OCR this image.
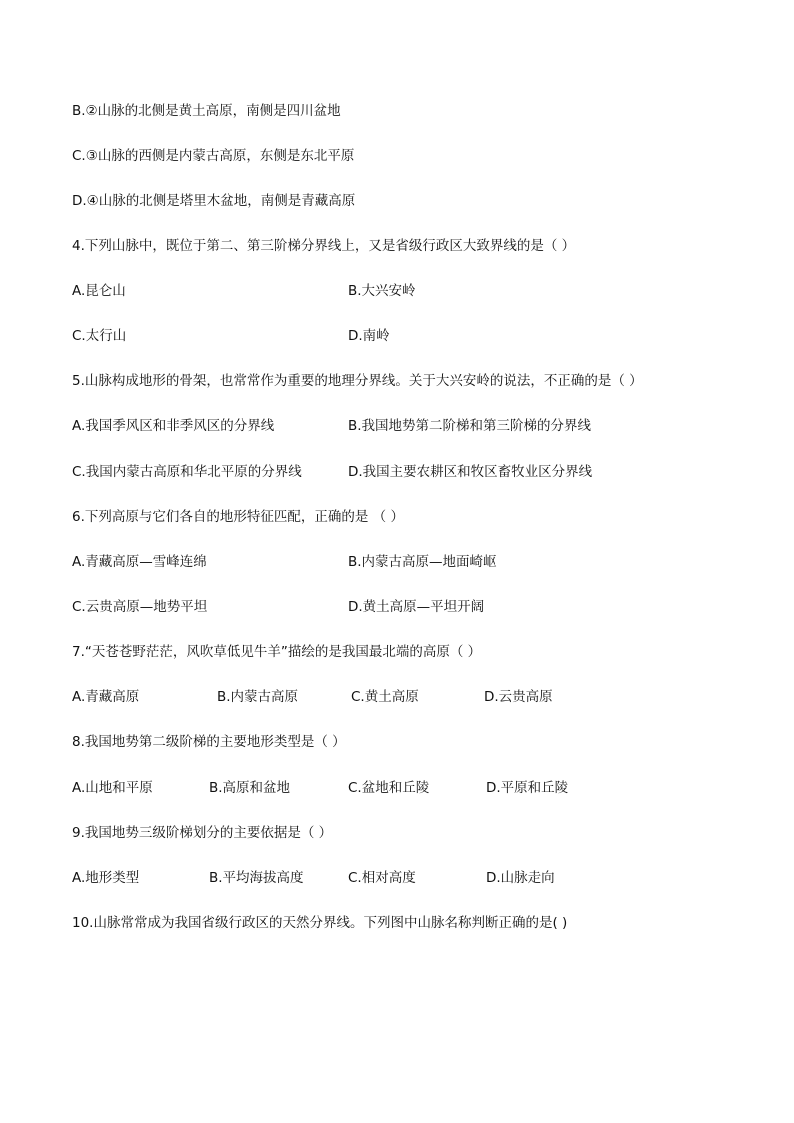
B.②山脉的北侧是黄土高原，南侧是四川盆地
C.③山脉的西侧是内蒙古高原，东侧是东北平原
D.④山脉的北侧是塔里木盆地，南侧是青藏高原
4.下列山脉中，既位于第二、第三阶梯分界线上，又是省级行政区大致界线的是（ ）
A.昆仑山	B.大兴安岭
C.太行山	D.南岭
5.山脉构成地形的骨架，也常常作为重要的地理分界线。关于大兴安岭的说法，不正确的是（ ）
A.我国季风区和非季风区的分界线	B.我国地势第二阶梯和第三阶梯的分界线
C.我国内蒙古高原和华北平原的分界线	D.我国主要农耕区和牧区畜牧业区分界线
6.下列高原与它们各自的地形特征匹配，正确的是 （ ）
A.青藏高原—雪峰连绵	B.内蒙古高原—地面崎岖
C.云贵高原—地势平坦	D.黄土高原—平坦开阔
7.“天苍苍野茫茫，风吹草低见牛羊”描绘的是我国最北端的高原（ ）
A.青藏高原	B.内蒙古高原	C.黄土高原	D.云贵高原
8.我国地势第二级阶梯的主要地形类型是（ ）
A.山地和平原	B.高原和盆地	C.盆地和丘陵	D.平原和丘陵
9.我国地势三级阶梯划分的主要依据是（ ）
A.地形类型	B.平均海拔高度	C.相对高度	D.山脉走向
10.山脉常常成为我国省级行政区的天然分界线。下列图中山脉名称判断正确的是( )
